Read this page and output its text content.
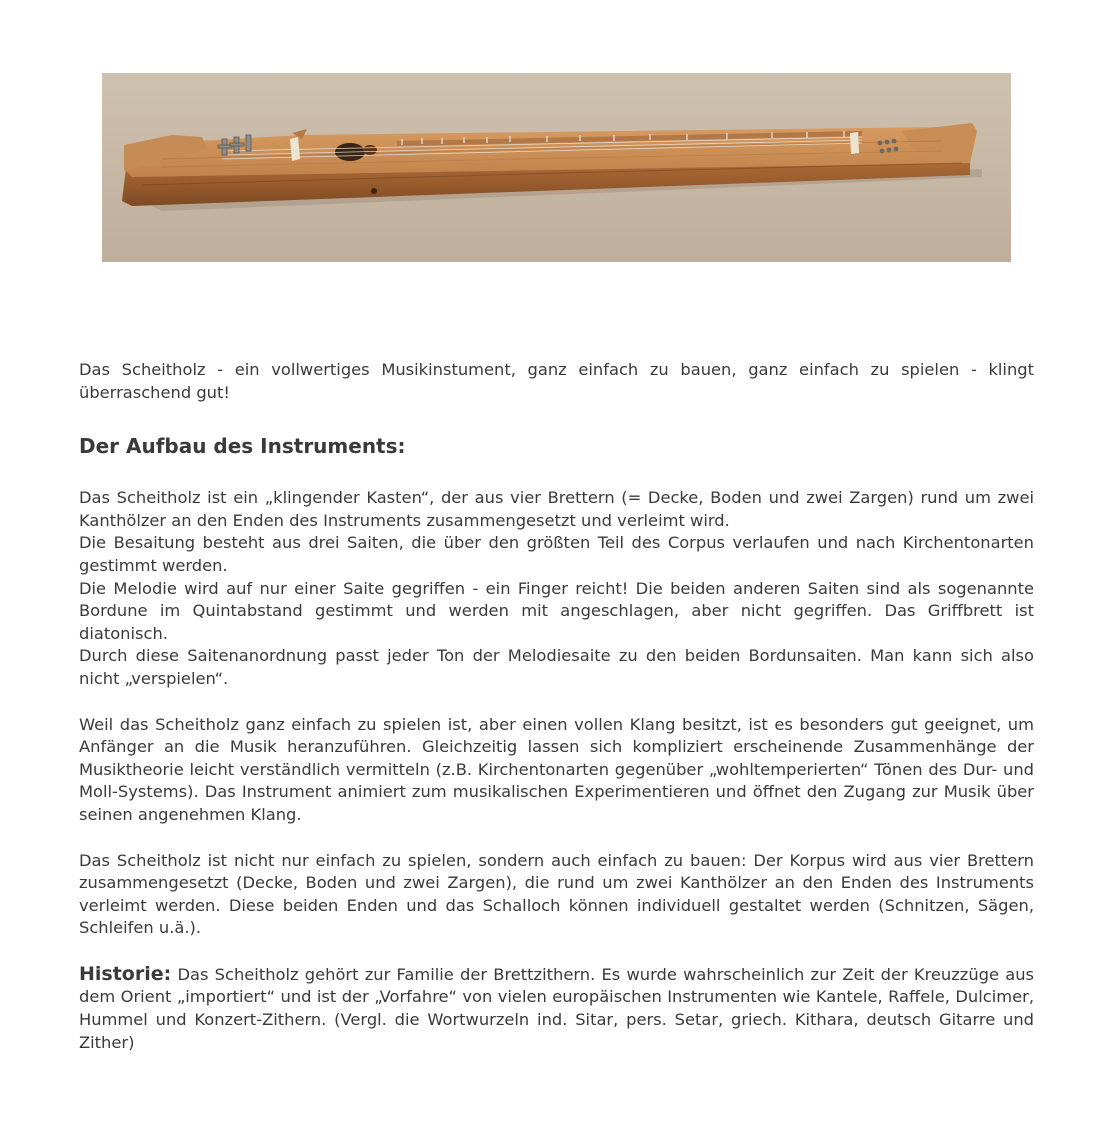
Das Scheitholz - ein vollwertiges Musikinstument, ganz einfach zu bauen, ganz einfach zu spielen - klingt überraschend gut!

Der Aufbau des Instruments:

Das Scheitholz ist ein „klingender Kasten“, der aus vier Brettern (= Decke, Boden und zwei Zargen) rund um zwei Kanthölzer an den Enden des Instruments zusammengesetzt und verleimt wird.

Die Besaitung besteht aus drei Saiten, die über den größten Teil des Corpus verlaufen und nach Kirchentonarten gestimmt werden.

Die Melodie wird auf nur einer Saite gegriffen - ein Finger reicht! Die beiden anderen Saiten sind als sogenannte Bordune im Quintabstand gestimmt und werden mit angeschlagen, aber nicht gegriffen. Das Griffbrett ist diatonisch.

Durch diese Saitenanordnung passt jeder Ton der Melodiesaite zu den beiden Bordunsaiten. Man kann sich also nicht „verspielen“.

Weil das Scheitholz ganz einfach zu spielen ist, aber einen vollen Klang besitzt, ist es besonders gut geeignet, um Anfänger an die Musik heranzuführen. Gleichzeitig lassen sich kompliziert erscheinende Zusammenhänge der Musiktheorie leicht verständlich vermitteln (z.B. Kirchentonarten gegenüber „wohltemperierten“ Tönen des Dur- und Moll-Systems). Das Instrument animiert zum musikalischen Experimentieren und öffnet den Zugang zur Musik über seinen angenehmen Klang.

Das Scheitholz ist nicht nur einfach zu spielen, sondern auch einfach zu bauen: Der Korpus wird aus vier Brettern zusammengesetzt (Decke, Boden und zwei Zargen), die rund um zwei Kanthölzer an den Enden des Instruments verleimt werden. Diese beiden Enden und das Schalloch können individuell gestaltet werden (Schnitzen, Sägen, Schleifen u.ä.).

Historie: Das Scheitholz gehört zur Familie der Brettzithern. Es wurde wahrscheinlich zur Zeit der Kreuzzüge aus dem Orient „importiert“ und ist der „Vorfahre“ von vielen europäischen Instrumenten wie Kantele, Raffele, Dulcimer, Hummel und Konzert-Zithern. (Vergl. die Wortwurzeln ind. Sitar, pers. Setar, griech. Kithara, deutsch Gitarre und Zither)
